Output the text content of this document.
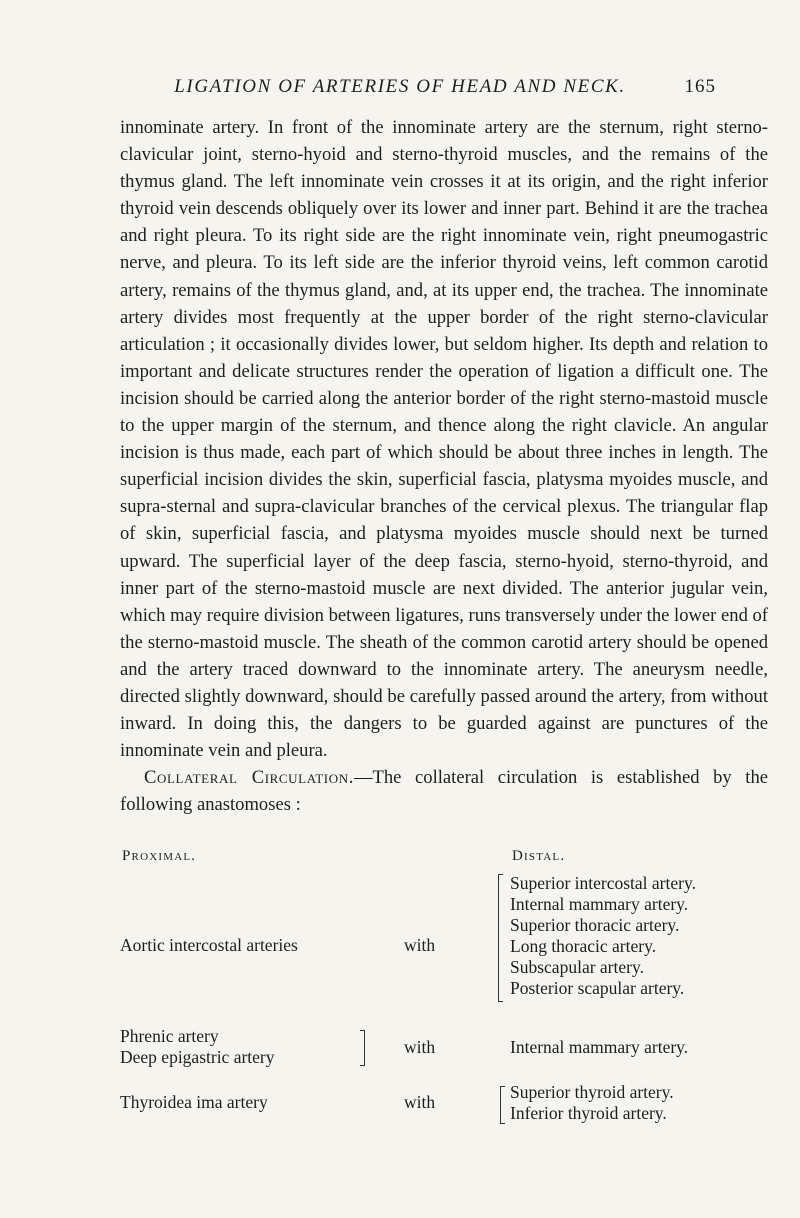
LIGATION OF ARTERIES OF HEAD AND NECK.	165

innominate artery. In front of the innominate artery are the sternum, right sterno-clavicular joint, sterno-hyoid and sterno-thyroid muscles, and the remains of the thymus gland. The left innominate vein crosses it at its origin, and the right inferior thyroid vein descends obliquely over its lower and inner part. Behind it are the trachea and right pleura. To its right side are the right innominate vein, right pneumogastric nerve, and pleura. To its left side are the inferior thyroid veins, left common carotid artery, remains of the thymus gland, and, at its upper end, the trachea. The innominate artery divides most frequently at the upper border of the right sterno-clavicular articulation ; it occasionally divides lower, but seldom higher. Its depth and relation to important and delicate structures render the operation of ligation a difficult one. The incision should be carried along the anterior border of the right sterno-mastoid muscle to the upper margin of the sternum, and thence along the right clavicle. An angular incision is thus made, each part of which should be about three inches in length. The superficial incision divides the skin, superficial fascia, platysma myoides muscle, and supra-sternal and supra-clavicular branches of the cervical plexus. The triangular flap of skin, superficial fascia, and platysma myoides muscle should next be turned upward. The superficial layer of the deep fascia, sterno-hyoid, sterno-thyroid, and inner part of the sterno-mastoid muscle are next divided. The anterior jugular vein, which may require division between ligatures, runs transversely under the lower end of the sterno-mastoid muscle. The sheath of the common carotid artery should be opened and the artery traced downward to the innominate artery. The aneurysm needle, directed slightly downward, should be carefully passed around the artery, from without inward. In doing this, the dangers to be guarded against are punctures of the innominate vein and pleura.

Collateral Circulation.—The collateral circulation is established by the following anastomoses :

Proximal.	Distal.
Aortic intercostal arteries	with
Superior intercostal artery.
Internal mammary artery.
Superior thoracic artery.
Long thoracic artery.
Subscapular artery.
Posterior scapular artery.
Phrenic artery
Deep epigastric artery	with	Internal mammary artery.
Thyroidea ima artery	with	Superior thyroid artery.
Inferior thyroid artery.
